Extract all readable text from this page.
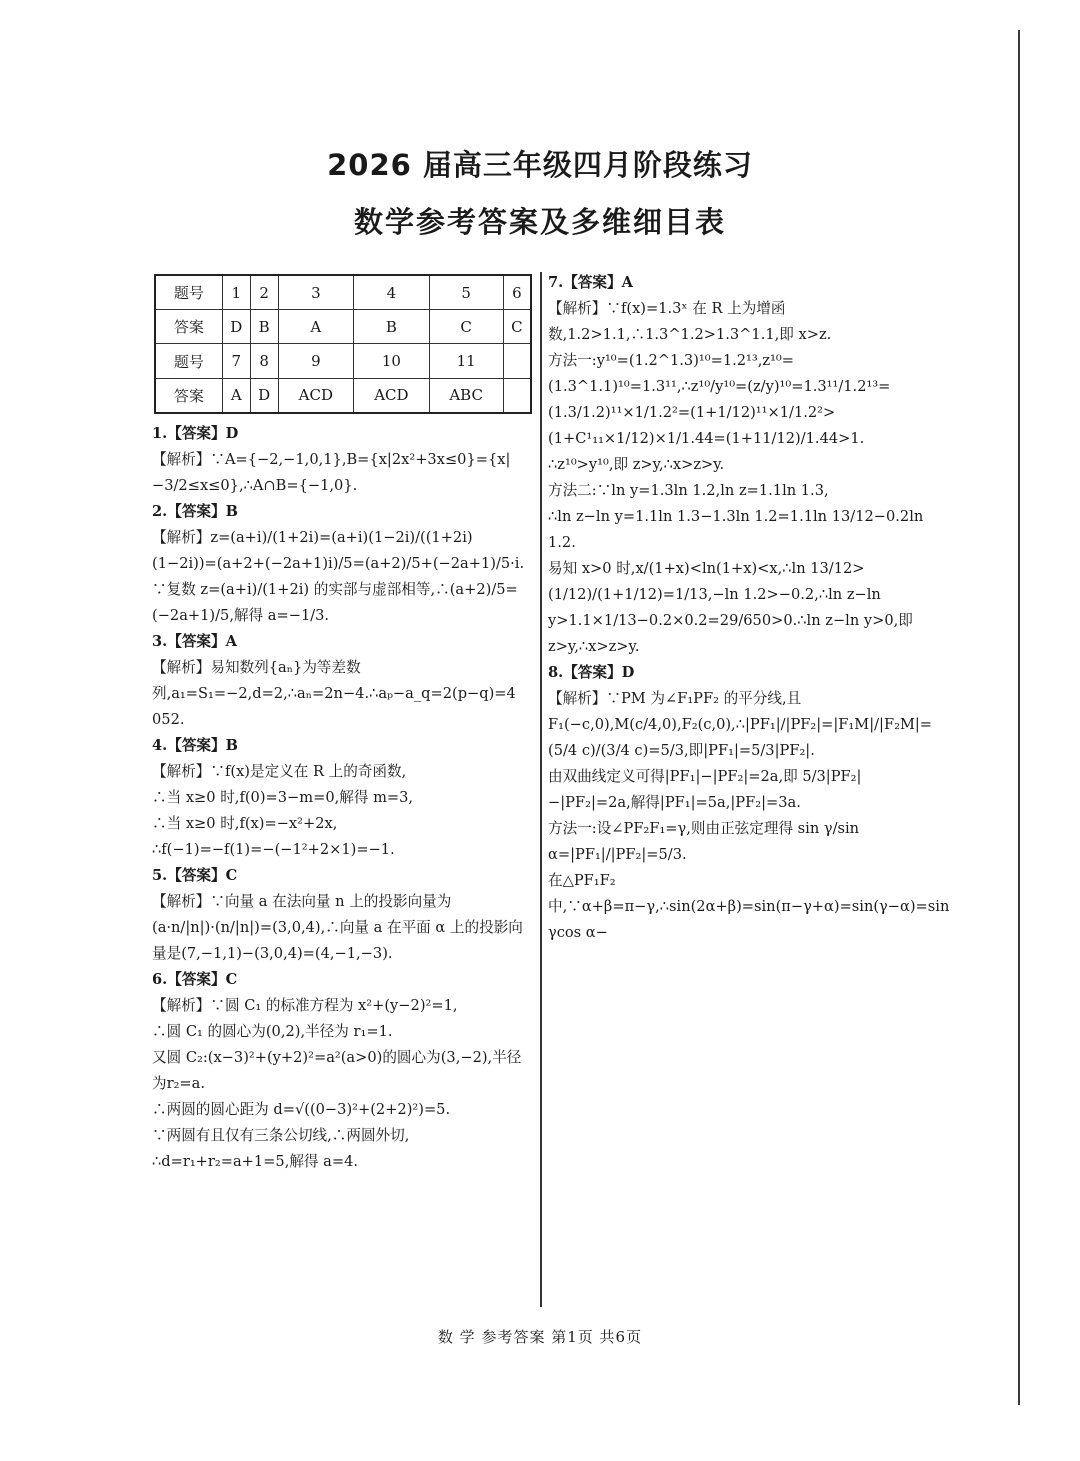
2026 届高三年级四月阶段练习
数学参考答案及多维细目表
题号	1	2	3	4	5	6
答案	D	B	A	B	C	C
题号	7	8	9	10	11	
答案	A	D	ACD	ACD	ABC	
1.【答案】D
【解析】∵A={−2,−1,0,1},B={x|2x²+3x≤0}={x|−3/2≤x≤0},∴A∩B={−1,0}.
2.【答案】B
【解析】z=(a+i)/(1+2i)=(a+i)(1−2i)/((1+2i)(1−2i))=(a+2+(−2a+1)i)/5=(a+2)/5+(−2a+1)/5·i.
∵复数 z=(a+i)/(1+2i) 的实部与虚部相等,∴(a+2)/5=(−2a+1)/5,解得 a=−1/3.
3.【答案】A
【解析】易知数列{aₙ}为等差数列,a₁=S₁=−2,d=2,∴aₙ=2n−4.∴aₚ−a_q=2(p−q)=4 052.
4.【答案】B
【解析】∵f(x)是定义在 R 上的奇函数,
∴当 x≥0 时,f(0)=3−m=0,解得 m=3,
∴当 x≥0 时,f(x)=−x²+2x,
∴f(−1)=−f(1)=−(−1²+2×1)=−1.
5.【答案】C
【解析】∵向量 a 在法向量 n 上的投影向量为 (a·n/|n|)·(n/|n|)=(3,0,4),∴向量 a 在平面 α 上的投影向量是(7,−1,1)−(3,0,4)=(4,−1,−3).
6.【答案】C
【解析】∵圆 C₁ 的标准方程为 x²+(y−2)²=1,
∴圆 C₁ 的圆心为(0,2),半径为 r₁=1.
又圆 C₂:(x−3)²+(y+2)²=a²(a>0)的圆心为(3,−2),半径为r₂=a.
∴两圆的圆心距为 d=√((0−3)²+(2+2)²)=5.
∵两圆有且仅有三条公切线,∴两圆外切,
∴d=r₁+r₂=a+1=5,解得 a=4.
7.【答案】A
【解析】∵f(x)=1.3ˣ 在 R 上为增函数,1.2>1.1,∴1.3^1.2>1.3^1.1,即 x>z.
方法一:y¹⁰=(1.2^1.3)¹⁰=1.2¹³,z¹⁰=(1.3^1.1)¹⁰=1.3¹¹,∴z¹⁰/y¹⁰=(z/y)¹⁰=1.3¹¹/1.2¹³=(1.3/1.2)¹¹×1/1.2²=(1+1/12)¹¹×1/1.2²>(1+C¹₁₁×1/12)×1/1.44=(1+11/12)/1.44>1.
∴z¹⁰>y¹⁰,即 z>y,∴x>z>y.
方法二:∵ln y=1.3ln 1.2,ln z=1.1ln 1.3,
∴ln z−ln y=1.1ln 1.3−1.3ln 1.2=1.1ln 13/12−0.2ln 1.2.
易知 x>0 时,x/(1+x)<ln(1+x)<x,∴ln 13/12>(1/12)/(1+1/12)=1/13,−ln 1.2>−0.2,∴ln z−ln y>1.1×1/13−0.2×0.2=29/650>0.∴ln z−ln y>0,即 z>y,∴x>z>y.
8.【答案】D
【解析】∵PM 为∠F₁PF₂ 的平分线,且F₁(−c,0),M(c/4,0),F₂(c,0),∴|PF₁|/|PF₂|=|F₁M|/|F₂M|=(5/4 c)/(3/4 c)=5/3,即|PF₁|=5/3|PF₂|.
由双曲线定义可得|PF₁|−|PF₂|=2a,即 5/3|PF₂|−|PF₂|=2a,解得|PF₁|=5a,|PF₂|=3a.
方法一:设∠PF₂F₁=γ,则由正弦定理得 sin γ/sin α=|PF₁|/|PF₂|=5/3.
在△PF₁F₂ 中,∵α+β=π−γ,∴sin(2α+β)=sin(π−γ+α)=sin(γ−α)=sin γcos α−
数 学 参考答案 第1页 共6页
